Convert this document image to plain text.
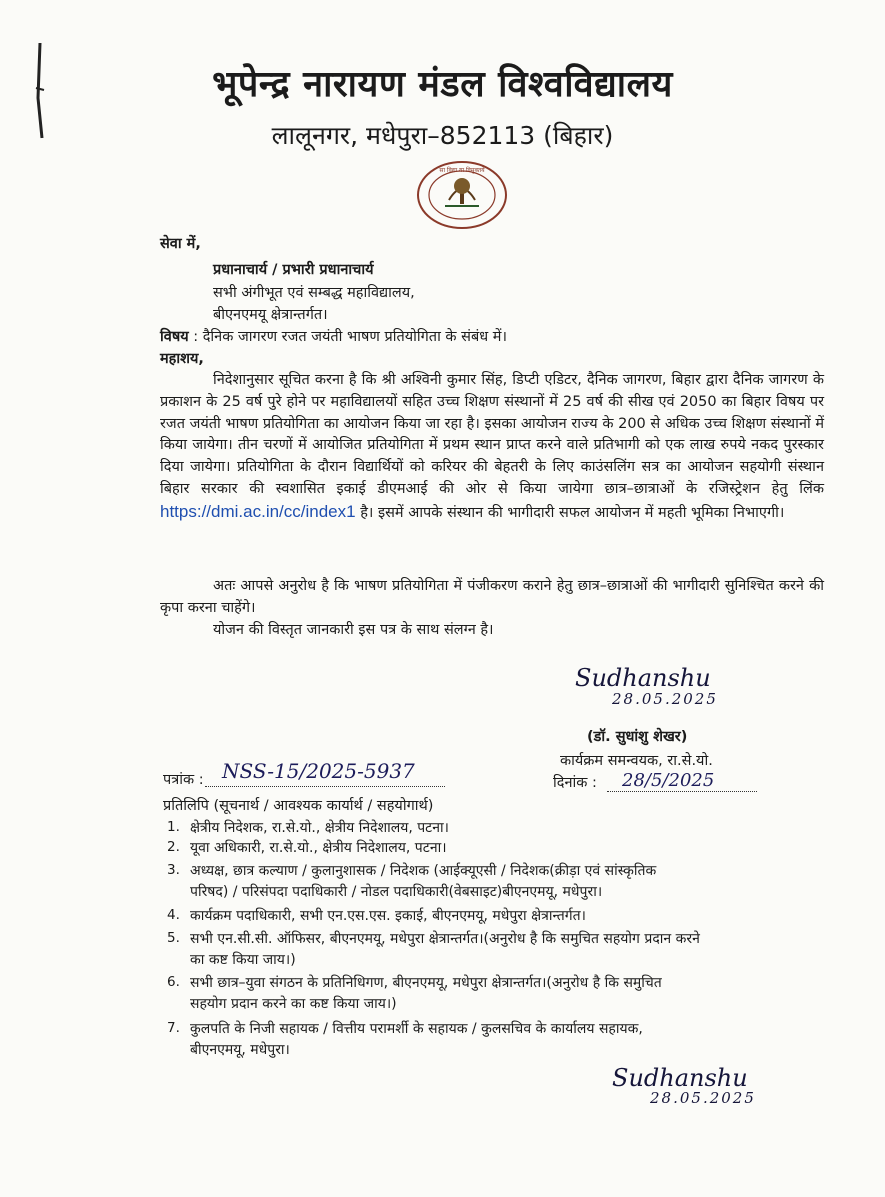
भूपेन्द्र नारायण मंडल विश्वविद्यालय
लालूनगर, मधेपुरा–852113 (बिहार)
सा विद्या या विमुक्तये
सेवा में,
प्रधानाचार्य / प्रभारी प्रधानाचार्य
सभी अंगीभूत एवं सम्बद्ध महाविद्यालय,
बीएनएमयू क्षेत्रान्तर्गत।
विषय : दैनिक जागरण रजत जयंती भाषण प्रतियोगिता के संबंध में।
महाशय,
निदेशानुसार सूचित करना है कि श्री अश्विनी कुमार सिंह, डिप्टी एडिटर, दैनिक जागरण, बिहार द्वारा दैनिक जागरण के प्रकाशन के 25 वर्ष पुरे होने पर महाविद्यालयों सहित उच्च शिक्षण संस्थानों में 25 वर्ष की सीख एवं 2050 का बिहार विषय पर रजत जयंती भाषण प्रतियोगिता का आयोजन किया जा रहा है। इसका आयोजन राज्य के 200 से अधिक उच्च शिक्षण संस्थानों में किया जायेगा। तीन चरणों में आयोजित प्रतियोगिता में प्रथम स्थान प्राप्त करने वाले प्रतिभागी को एक लाख रुपये नकद पुरस्कार दिया जायेगा। प्रतियोगिता के दौरान विद्यार्थियों को करियर की बेहतरी के लिए काउंसलिंग सत्र का आयोजन सहयोगी संस्थान बिहार सरकार की स्वशासित इकाई डीएमआई की ओर से किया जायेगा छात्र–छात्राओं के रजिस्ट्रेशन हेतु लिंक https://dmi.ac.in/cc/index1 है। इसमें आपके संस्थान की भागीदारी सफल आयोजन में महती भूमिका निभाएगी।
अतः आपसे अनुरोध है कि भाषण प्रतियोगिता में पंजीकरण कराने हेतु छात्र–छात्राओं की भागीदारी सुनिश्चित करने की कृपा करना चाहेंगे।
योजन की विस्तृत जानकारी इस पत्र के साथ संलग्न है।
Sudhanshu
28.05.2025
(डॉ. सुधांशु शेखर)
कार्यक्रम समन्वयक, रा.से.यो.
पत्रांक : NSS-15/2025-5937	दिनांक : 28/5/2025
प्रतिलिपि (सूचनार्थ / आवश्यक कार्यार्थ / सहयोगार्थ)
1. क्षेत्रीय निदेशक, रा.से.यो., क्षेत्रीय निदेशालय, पटना।
2. यूवा अधिकारी, रा.से.यो., क्षेत्रीय निदेशालय, पटना।
3. अध्यक्ष, छात्र कल्याण / कुलानुशासक / निदेशक (आईक्यूएसी / निदेशक(क्रीड़ा एवं सांस्कृतिक
परिषद) / परिसंपदा पदाधिकारी / नोडल पदाधिकारी(वेबसाइट)बीएनएमयू, मधेपुरा।
4. कार्यक्रम पदाधिकारी, सभी एन.एस.एस. इकाई, बीएनएमयू, मधेपुरा क्षेत्रान्तर्गत।
5. सभी एन.सी.सी. ऑफिसर, बीएनएमयू, मधेपुरा क्षेत्रान्तर्गत।(अनुरोध है कि समुचित सहयोग प्रदान करने
का कष्ट किया जाय।)
6. सभी छात्र–युवा संगठन के प्रतिनिधिगण, बीएनएमयू, मधेपुरा क्षेत्रान्तर्गत।(अनुरोध है कि समुचित
सहयोग प्रदान करने का कष्ट किया जाय।)
7. कुलपति के निजी सहायक / वित्तीय परामर्शी के सहायक / कुलसचिव के कार्यालय सहायक,
बीएनएमयू, मधेपुरा।
Sudhanshu
28.05.2025
